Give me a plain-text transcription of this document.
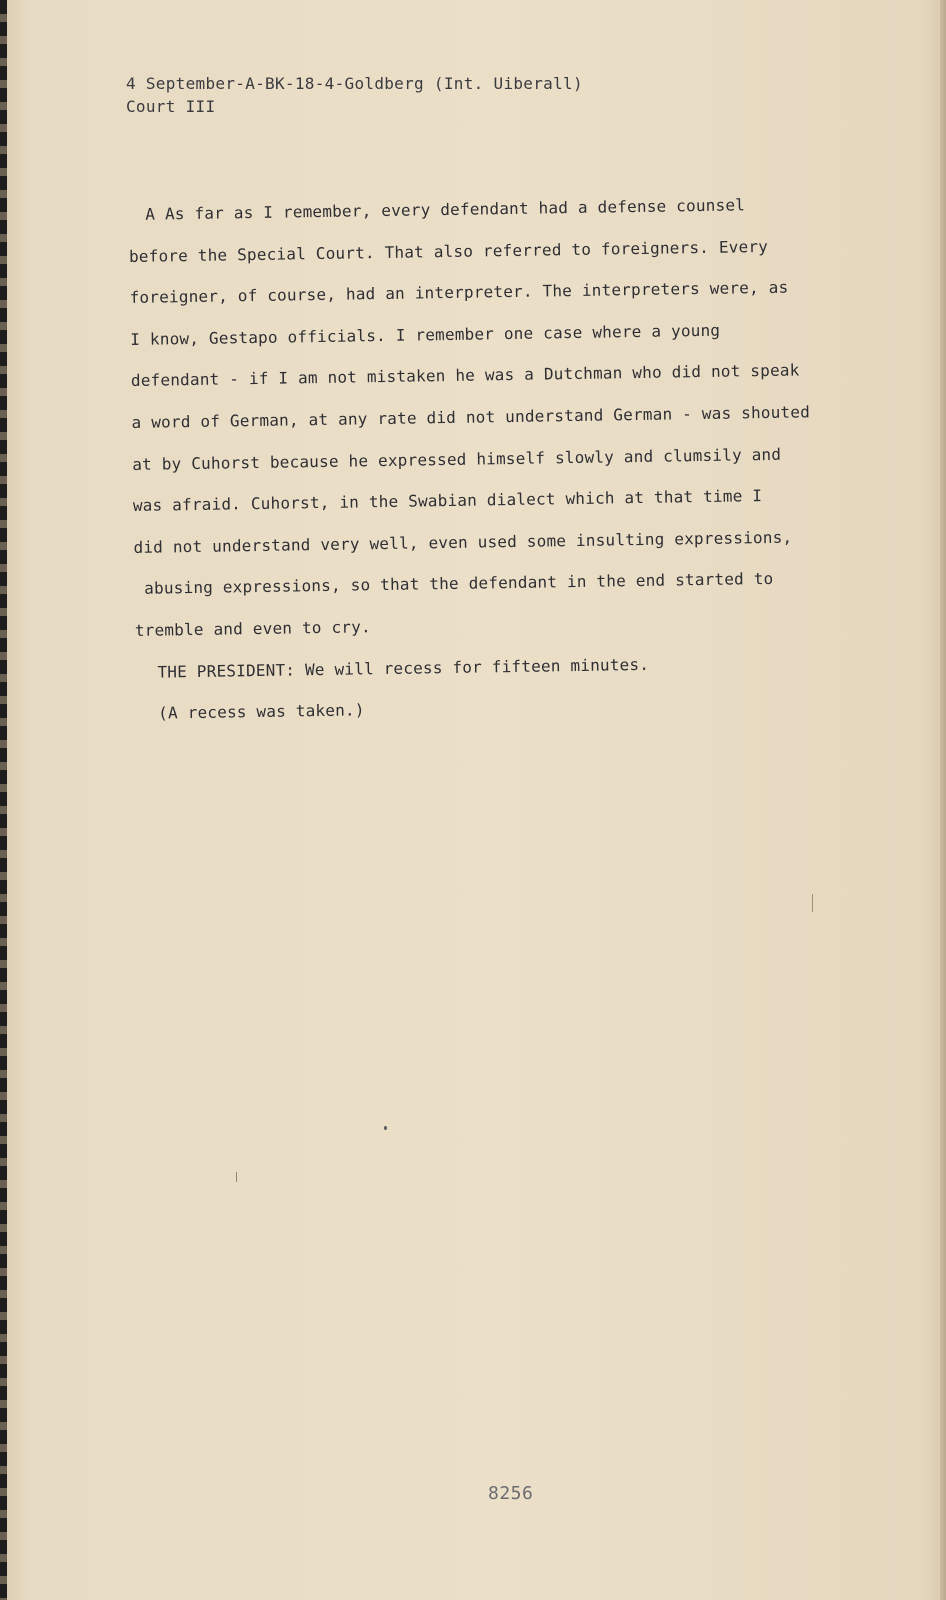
4 September-A-BK-18-4-Goldberg (Int. Uiberall)
Court III
A As far as I remember, every defendant had a defense counsel
before the Special Court. That also referred to foreigners. Every
foreigner, of course, had an interpreter. The interpreters were, as
I know, Gestapo officials. I remember one case where a young
defendant - if I am not mistaken he was a Dutchman who did not speak
a word of German, at any rate did not understand German - was shouted
at by Cuhorst because he expressed himself slowly and clumsily and
was afraid. Cuhorst, in the Swabian dialect which at that time I
did not understand very well, even used some insulting expressions,
abusing expressions, so that the defendant in the end started to
tremble and even to cry.
THE PRESIDENT: We will recess for fifteen minutes.
(A recess was taken.)
8256
